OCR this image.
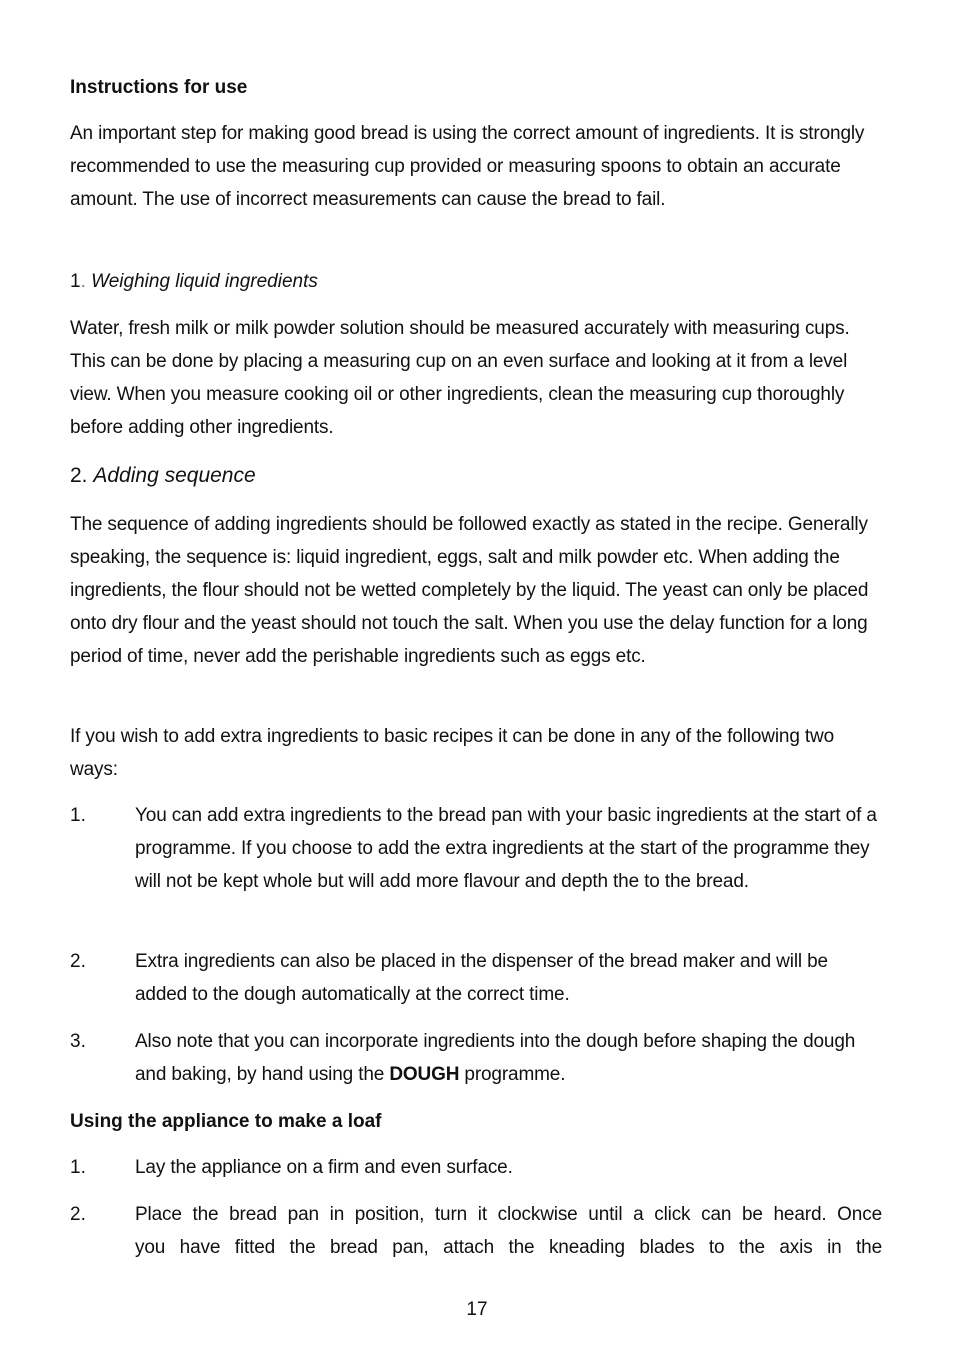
Instructions for use

An important step for making good bread is using the correct amount of ingredients. It is strongly recommended to use the measuring cup provided or measuring spoons to obtain an accurate amount. The use of incorrect measurements can cause the bread to fail.

1. Weighing liquid ingredients

Water, fresh milk or milk powder solution should be measured accurately with measuring cups. This can be done by placing a measuring cup on an even surface and looking at it from a level view. When you measure cooking oil or other ingredients, clean the measuring cup thoroughly before adding other ingredients.

2. Adding sequence

The sequence of adding ingredients should be followed exactly as stated in the recipe. Generally speaking, the sequence is: liquid ingredient, eggs, salt and milk powder etc. When adding the ingredients, the flour should not be wetted completely by the liquid. The yeast can only be placed onto dry flour and the yeast should not touch the salt. When you use the delay function for a long period of time, never add the perishable ingredients such as eggs etc.

If you wish to add extra ingredients to basic recipes it can be done in any of the following two ways:

1.	You can add extra ingredients to the bread pan with your basic ingredients at the start of a programme. If you choose to add the extra ingredients at the start of the programme they will not be kept whole but will add more flavour and depth the to the bread.
2.	Extra ingredients can also be placed in the dispenser of the bread maker and will be added to the dough automatically at the correct time.
3.	Also note that you can incorporate ingredients into the dough before shaping the dough and baking, by hand using the DOUGH programme.
Using the appliance to make a loaf
1.	Lay the appliance on a firm and even surface.
2.	Place the bread pan in position, turn it clockwise until a click can be heard. Once
you have fitted the bread pan, attach the kneading blades to the axis in the
17
